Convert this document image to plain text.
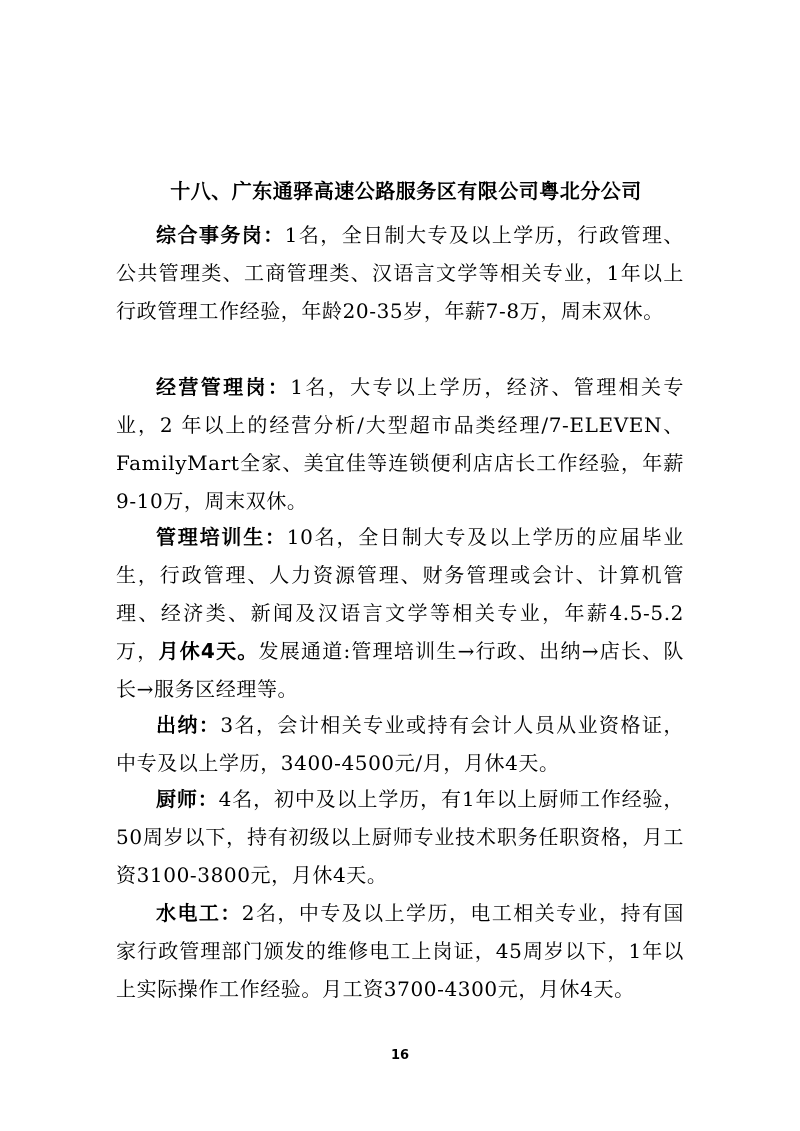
十八、广东通驿高速公路服务区有限公司粤北分公司

综合事务岗：1名，全日制大专及以上学历，行政管理、公共管理类、工商管理类、汉语言文学等相关专业，1年以上行政管理工作经验，年龄20-35岁，年薪7-8万，周末双休。

经营管理岗：1名，大专以上学历，经济、管理相关专业，2 年以上的经营分析/大型超市品类经理/7-ELEVEN、FamilyMart全家、美宜佳等连锁便利店店长工作经验，年薪9-10万，周末双休。

管理培训生：10名，全日制大专及以上学历的应届毕业生，行政管理、人力资源管理、财务管理或会计、计算机管理、经济类、新闻及汉语言文学等相关专业，年薪4.5-5.2万，月休4天。发展通道:管理培训生→行政、出纳→店长、队长→服务区经理等。

出纳：3名，会计相关专业或持有会计人员从业资格证，中专及以上学历，3400-4500元/月，月休4天。

厨师：4名，初中及以上学历，有1年以上厨师工作经验，50周岁以下，持有初级以上厨师专业技术职务任职资格，月工资3100-3800元，月休4天。

水电工：2名，中专及以上学历，电工相关专业，持有国家行政管理部门颁发的维修电工上岗证，45周岁以下，1年以上实际操作工作经验。月工资3700-4300元，月休4天。

16
